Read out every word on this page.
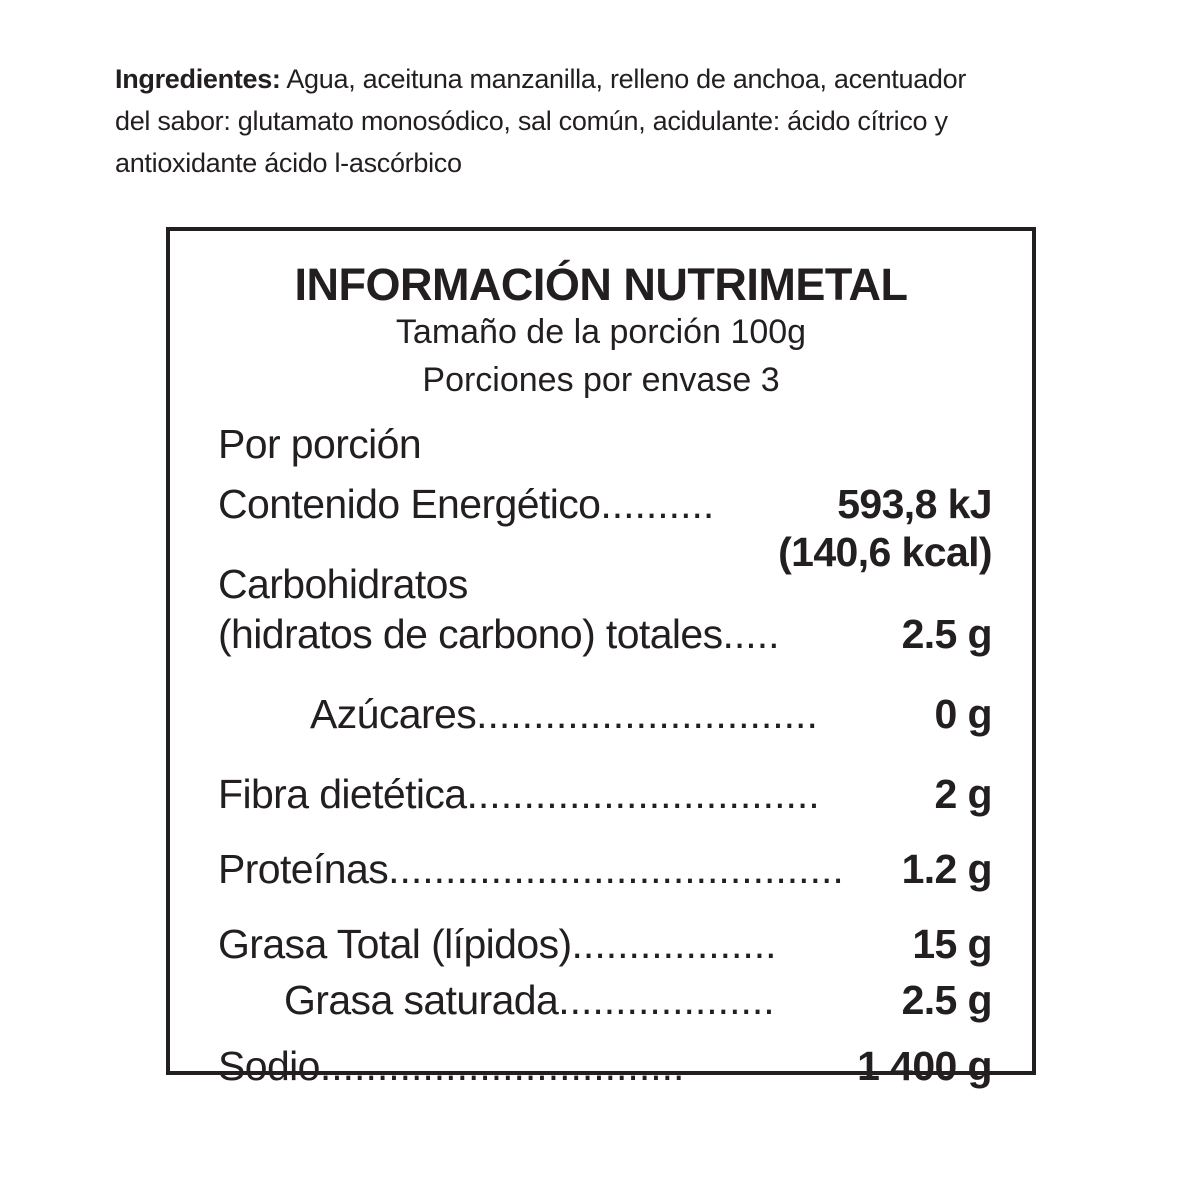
Ingredientes: Agua, aceituna manzanilla, relleno de anchoa, acentuador
del sabor: glutamato monosódico, sal común, acidulante: ácido cítrico y
antioxidante ácido l-ascórbico
INFORMACIÓN NUTRIMETAL
Tamaño de la porción 100g
Porciones por envase 3
Por porción
Contenido Energético..........	593,8 kJ
(140,6 kcal)
Carbohidratos
(hidratos de carbono) totales.....	2.5 g
Azúcares..............................	0 g
Fibra dietética...............................	2 g
Proteínas........................................ 1.2 g
Grasa Total (lípidos)..................	15 g
Grasa saturada...................	2.5 g
Sodio................................	1 400 g
